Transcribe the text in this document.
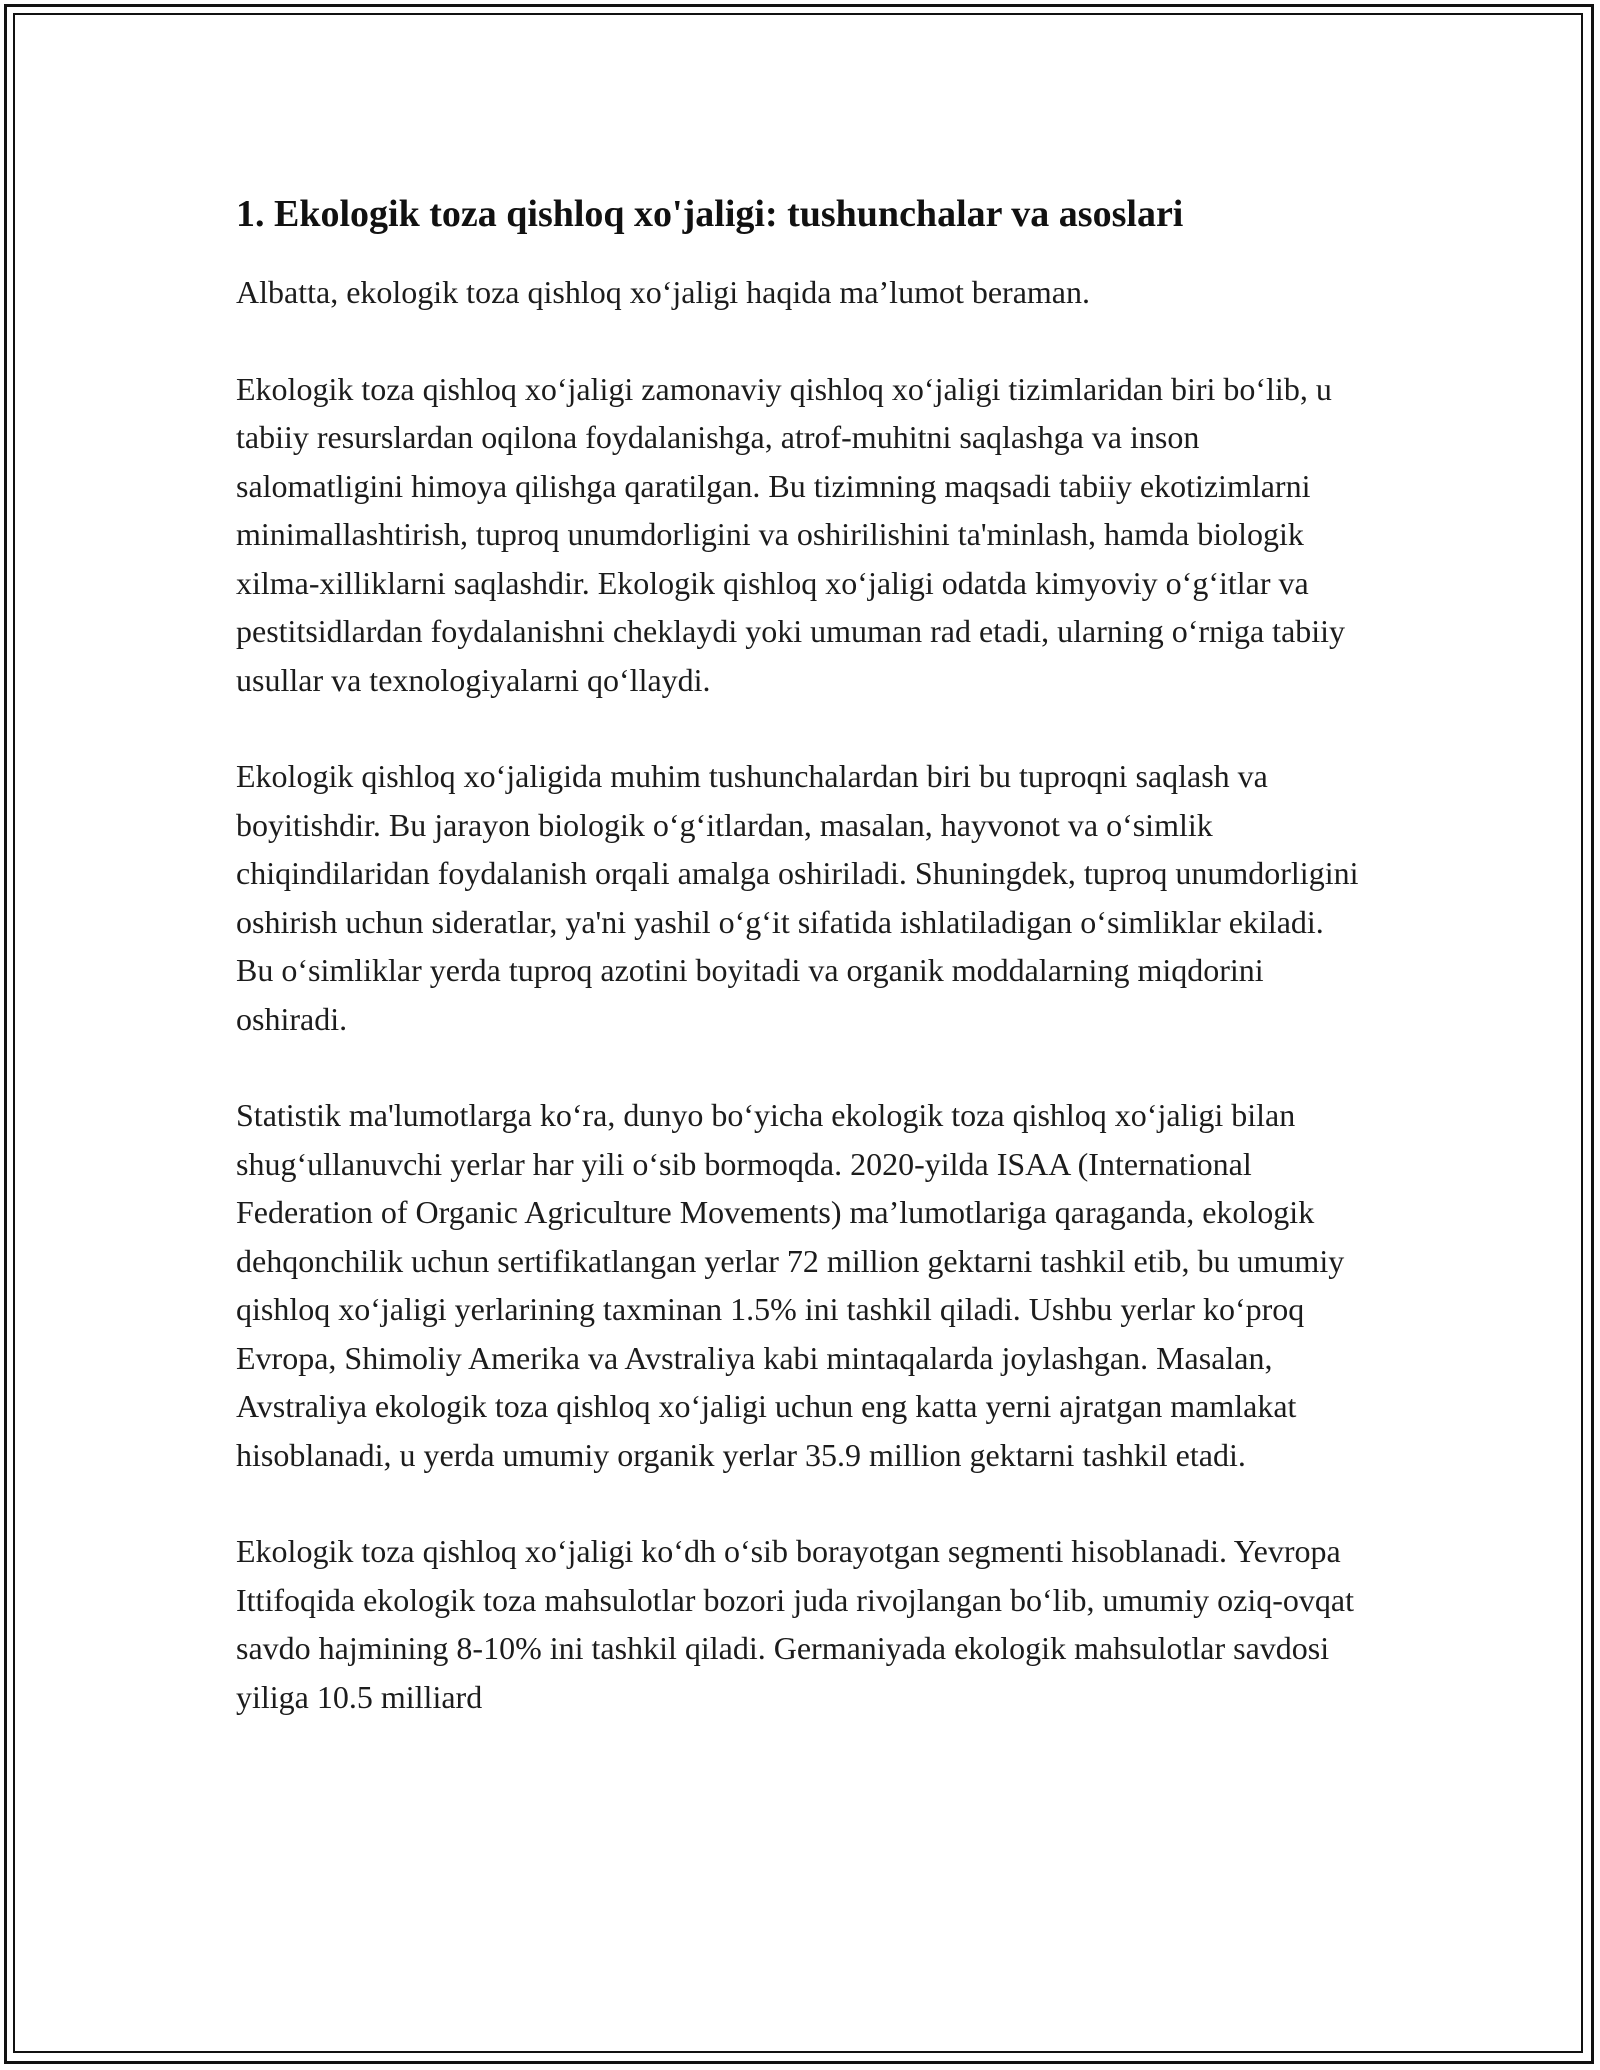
1. Ekologik toza qishloq xo'jaligi: tushunchalar va asoslari

Albatta, ekologik toza qishloq xo‘jaligi haqida ma’lumot beraman.

Ekologik toza qishloq xo‘jaligi zamonaviy qishloq xo‘jaligi tizimlaridan biri bo‘lib, u tabiiy resurslardan oqilona foydalanishga, atrof-muhitni saqlashga va inson salomatligini himoya qilishga qaratilgan. Bu tizimning maqsadi tabiiy ekotizimlarni minimallashtirish, tuproq unumdorligini va oshirilishini ta'minlash, hamda biologik xilma-xilliklarni saqlashdir. Ekologik qishloq xo‘jaligi odatda kimyoviy o‘g‘itlar va pestitsidlardan foydalanishni cheklaydi yoki umuman rad etadi, ularning o‘rniga tabiiy usullar va texnologiyalarni qo‘llaydi.

Ekologik qishloq xo‘jaligida muhim tushunchalardan biri bu tuproqni saqlash va boyitishdir. Bu jarayon biologik o‘g‘itlardan, masalan, hayvonot va o‘simlik chiqindilaridan foydalanish orqali amalga oshiriladi. Shuningdek, tuproq unumdorligini oshirish uchun sideratlar, ya'ni yashil o‘g‘it sifatida ishlatiladigan o‘simliklar ekiladi. Bu o‘simliklar yerda tuproq azotini boyitadi va organik moddalarning miqdorini oshiradi.

Statistik ma'lumotlarga ko‘ra, dunyo bo‘yicha ekologik toza qishloq xo‘jaligi bilan shug‘ullanuvchi yerlar har yili o‘sib bormoqda. 2020-yilda ISAA (International Federation of Organic Agriculture Movements) ma’lumotlariga qaraganda, ekologik dehqonchilik uchun sertifikatlangan yerlar 72 million gektarni tashkil etib, bu umumiy qishloq xo‘jaligi yerlarining taxminan 1.5% ini tashkil qiladi. Ushbu yerlar ko‘proq Evropa, Shimoliy Amerika va Avstraliya kabi mintaqalarda joylashgan. Masalan, Avstraliya ekologik toza qishloq xo‘jaligi uchun eng katta yerni ajratgan mamlakat hisoblanadi, u yerda umumiy organik yerlar 35.9 million gektarni tashkil etadi.

Ekologik toza qishloq xo‘jaligi ko‘dh o‘sib borayotgan segmenti hisoblanadi. Yevropa Ittifoqida ekologik toza mahsulotlar bozori juda rivojlangan bo‘lib, umumiy oziq-ovqat savdo hajmining 8-10% ini tashkil qiladi. Germaniyada ekologik mahsulotlar savdosi yiliga 10.5 milliard
